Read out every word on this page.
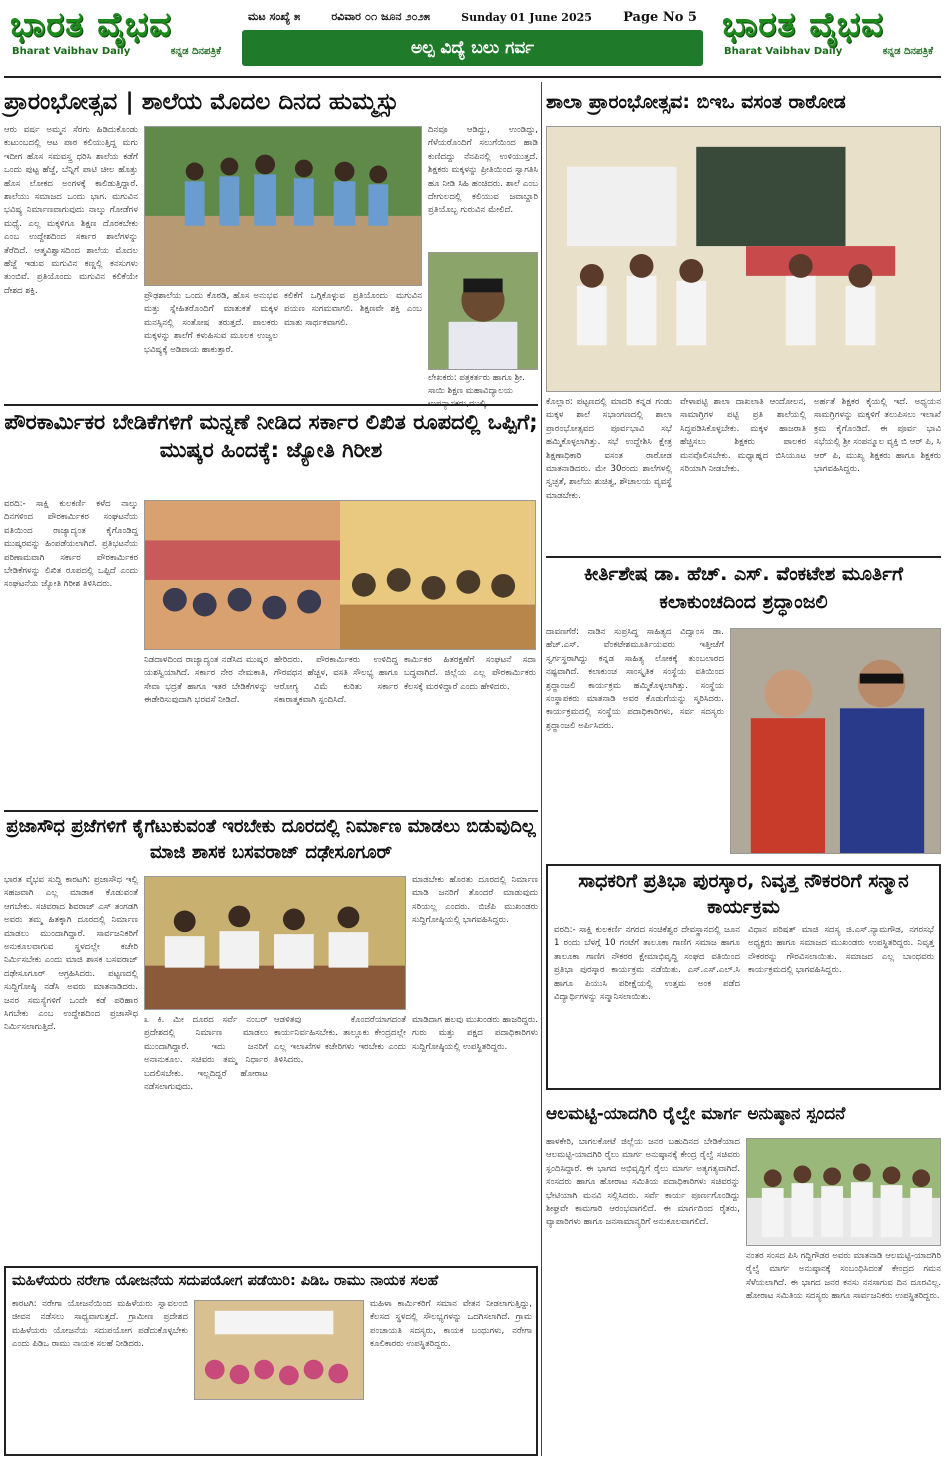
ಭಾರತ ವೈಭವ
Bharat Vaibhav Daily	ಕನ್ನಡ ದಿನಪತ್ರಿಕೆ
ಮಟ ಸಂಖ್ಯೆ ೫	ರವಿವಾರ ೦೧ ಜೂನ ೨೦೨೫	Sunday 01 June 2025 Page No 5
ಅಲ್ಪ ವಿದ್ಯೆ ಬಲು ಗರ್ವ
ಭಾರತ ವೈಭವ
Bharat Vaibhav Daily	ಕನ್ನಡ ದಿನಪತ್ರಿಕೆ
ಪ್ರಾರಂಭೋತ್ಸವ | ಶಾಲೆಯ ಮೊದಲ ದಿನದ ಹುಮ್ಮಸ್ಸು
ಆರು ವರ್ಷ ಅಮ್ಮನ ಸೆರಗು ಹಿಡಿದುಕೊಂಡು ಕುಟುಂಬದಲ್ಲಿ ಆಟ ಪಾಠ ಕಲಿಯುತ್ತಿದ್ದ ಮಗು ಇದೀಗ ಹೊಸ ಸಮವಸ್ತ್ರ ಧರಿಸಿ ಶಾಲೆಯ ಕಡೆಗೆ ಒಂದು ಪುಟ್ಟ ಹೆಜ್ಜೆ, ಬೆನ್ನಿಗೆ ಪಾಟಿ ಚೀಲ ಹೊತ್ತು ಹೊಸ ಲೋಕದ ಅಂಗಳಕ್ಕೆ ಕಾಲಿಡುತ್ತಿದ್ದಾರೆ. ಶಾಲೆಯು ಸಮಾಜದ ಒಂದು ಭಾಗ. ಮಗುವಿನ ಭವಿಷ್ಯ ನಿರ್ಮಾಣವಾಗುವುದು ನಾಲ್ಕು ಗೋಡೆಗಳ ಮಧ್ಯೆ. ಎಲ್ಲ ಮಕ್ಕಳಿಗೂ ಶಿಕ್ಷಣ ದೊರಕಬೇಕು ಎಂಬ ಉದ್ದೇಶದಿಂದ ಸರ್ಕಾರ ಶಾಲೆಗಳನ್ನು ತೆರೆದಿದೆ. ಆತ್ಮವಿಶ್ವಾಸದಿಂದ ಶಾಲೆಯ ಮೊದಲ ಹೆಜ್ಜೆ ಇಡುವ ಮಗುವಿನ ಕಣ್ಣಲ್ಲಿ ಕನಸುಗಳು ತುಂಬಿವೆ. ಪ್ರತಿಯೊಂದು ಮಗುವಿನ ಕಲಿಕೆಯೇ ದೇಶದ ಶಕ್ತಿ.
ದಿನವೂ ಆಡಿದ್ದು, ಉಂಡಿದ್ದು, ಗೆಳೆಯರೊಂದಿಗೆ ಸಲುಗೆಯಿಂದ ಹಾಡಿ ಕುಣಿದದ್ದು ನೆನಪಿನಲ್ಲಿ ಉಳಿಯುತ್ತದೆ. ಶಿಕ್ಷಕರು ಮಕ್ಕಳನ್ನು ಪ್ರೀತಿಯಿಂದ ಸ್ವಾಗತಿಸಿ ಹೂ ನೀಡಿ ಸಿಹಿ ಹಂಚಿದರು. ಶಾಲೆ ಎಂಬ ದೇಗುಲದಲ್ಲಿ ಕಲಿಯುವ ಜವಾಬ್ದಾರಿ ಪ್ರತಿಯೊಬ್ಬ ಗುರುವಿನ ಮೇಲಿದೆ.
ಪ್ರೌಢಶಾಲೆಯ ಒಂದು ಕೊಠಡಿ, ಹೊಸ ಅನುಭವ ಮತ್ತು ಸ್ನೇಹಿತರೊಂದಿಗೆ ಮಾತುಕತೆ ಮಕ್ಕಳ ಮನಸ್ಸಿನಲ್ಲಿ ಸಂತೋಷ ತರುತ್ತದೆ. ಪಾಲಕರು ಮಕ್ಕಳನ್ನು ಶಾಲೆಗೆ ಕಳುಹಿಸುವ ಮೂಲಕ ಉಜ್ವಲ ಭವಿಷ್ಯಕ್ಕೆ ಅಡಿಪಾಯ ಹಾಕುತ್ತಾರೆ.
ಕಲಿಕೆಗೆ ಒಗ್ಗಿಕೊಳ್ಳುವ ಪ್ರತಿಯೊಂದು ಮಗುವಿನ ಪಯಣ ಸುಗಮವಾಗಲಿ. ಶಿಕ್ಷಣವೇ ಶಕ್ತಿ ಎಂಬ ಮಾತು ಸಾರ್ಥಕವಾಗಲಿ.
ಲೇಖಕರು: ಪತ್ರಕರ್ತರು ಹಾಗೂ ಶ್ರೀ. ಸಾಯಿ ಶಿಕ್ಷಣ ಮಹಾವಿದ್ಯಾಲಯ
ಪೌರಕಾರ್ಮಿಕರ ಬೇಡಿಕೆಗಳಿಗೆ ಮನ್ನಣೆ ನೀಡಿದ ಸರ್ಕಾರ ಲಿಖಿತ ರೂಪದಲ್ಲಿ ಒಪ್ಪಿಗೆ; ಮುಷ್ಕರ ಹಿಂದಕ್ಕೆ: ಜ್ಯೋತಿ ಗಿರೀಶ
ವರದಿ:- ಸಾಕ್ಷಿ ಕುಲಕರ್ಣಿ ಕಳೆದ ನಾಲ್ಕು ದಿನಗಳಿಂದ ಪೌರಕಾರ್ಮಿಕರ ಸಂಘಟನೆಯ ವತಿಯಿಂದ ರಾಜ್ಯಾದ್ಯಂತ ಕೈಗೊಂಡಿದ್ದ ಮುಷ್ಕರವನ್ನು ಹಿಂಪಡೆಯಲಾಗಿದೆ. ಪ್ರತಿಭಟನೆಯ ಪರಿಣಾಮವಾಗಿ ಸರ್ಕಾರ ಪೌರಕಾರ್ಮಿಕರ ಬೇಡಿಕೆಗಳನ್ನು ಲಿಖಿತ ರೂಪದಲ್ಲಿ ಒಪ್ಪಿದೆ ಎಂದು ಸಂಘಟನೆಯ ಜ್ಯೋತಿ ಗಿರೀಶ ತಿಳಿಸಿದರು.
ನಿಡದಾಳದಿಂದ ರಾಜ್ಯಾದ್ಯಂತ ನಡೆಸಿದ ಮುಷ್ಕರ ಯಶಸ್ವಿಯಾಗಿದೆ. ಸರ್ಕಾರ ನೇರ ನೇಮಕಾತಿ, ಸೇವಾ ಭದ್ರತೆ ಹಾಗೂ ಇತರ ಬೇಡಿಕೆಗಳನ್ನು ಈಡೇರಿಸುವುದಾಗಿ ಭರವಸೆ ನೀಡಿದೆ.
ಹೇರಿದರು. ಪೌರಕಾರ್ಮಿಕರು ಉಳಿದಿದ್ದ ಗೌರವಧನ ಹೆಚ್ಚಳ, ವಸತಿ ಸೌಲಭ್ಯ ಹಾಗೂ ಆರೋಗ್ಯ ವಿಮೆ ಕುರಿತು ಸರ್ಕಾರ ಸಕಾರಾತ್ಮಕವಾಗಿ ಸ್ಪಂದಿಸಿದೆ.
ಕಾರ್ಮಿಕರ ಹಿತರಕ್ಷಣೆಗೆ ಸಂಘಟನೆ ಸದಾ ಬದ್ಧವಾಗಿದೆ. ಜಿಲ್ಲೆಯ ಎಲ್ಲ ಪೌರಕಾರ್ಮಿಕರು ಕೆಲಸಕ್ಕೆ ಮರಳಿದ್ದಾರೆ ಎಂದು ಹೇಳಿದರು.
ಪ್ರಜಾಸೌಧ ಪ್ರಜೆಗಳಿಗೆ ಕೈಗೆಟುಕುವಂತೆ ಇರಬೇಕು ದೂರದಲ್ಲಿ ನಿರ್ಮಾಣ ಮಾಡಲು ಬಿಡುವುದಿಲ್ಲ ಮಾಜಿ ಶಾಸಕ ಬಸವರಾಜ್ ದಢೇಸೂಗೂರ್
ಭಾರತ ವೈಭವ ಸುದ್ದಿ ಕಾರಟಗಿ: ಪ್ರಜಾಸೌಧ ಇಲ್ಲಿ ಸಹಜವಾಗಿ ಎಲ್ಲ ಮಾಡಾಕ ಕೊಡುವಂತೆ ಆಗಬೇಕು. ಸಚಿವರಾದ ಶಿವರಾಜ್ ಎಸ್ ತಂಗಡಗಿ ಅವರು ತಮ್ಮ ಹಿತಕ್ಕಾಗಿ ದೂರದಲ್ಲಿ ನಿರ್ಮಾಣ ಮಾಡಲು ಮುಂದಾಗಿದ್ದಾರೆ. ಸಾರ್ವಜನಿಕರಿಗೆ ಅನುಕೂಲವಾಗುವ ಸ್ಥಳದಲ್ಲೇ ಕಚೇರಿ ನಿರ್ಮಿಸಬೇಕು ಎಂದು ಮಾಜಿ ಶಾಸಕ ಬಸವರಾಜ್ ದಢೇಸೂಗೂರ್ ಆಗ್ರಹಿಸಿದರು. ಪಟ್ಟಣದಲ್ಲಿ ಸುದ್ದಿಗೋಷ್ಠಿ ನಡೆಸಿ ಅವರು ಮಾತನಾಡಿದರು. ಜನರ ಸಮಸ್ಯೆಗಳಿಗೆ ಒಂದೇ ಕಡೆ ಪರಿಹಾರ ಸಿಗಬೇಕು ಎಂಬ ಉದ್ದೇಶದಿಂದ ಪ್ರಜಾಸೌಧ ನಿರ್ಮಿಸಲಾಗುತ್ತಿದೆ.
ಮಾಡಬೇಕು ಹೊರತು ದೂರದಲ್ಲಿ ನಿರ್ಮಾಣ ಮಾಡಿ ಜನರಿಗೆ ತೊಂದರೆ ಮಾಡುವುದು ಸರಿಯಲ್ಲ ಎಂದರು. ಬಿಜೆಪಿ ಮುಖಂಡರು ಸುದ್ದಿಗೋಷ್ಠಿಯಲ್ಲಿ ಭಾಗವಹಿಸಿದ್ದರು.
೩ ಕಿ. ಮೀ ದೂರದ ಸರ್ವೆ ನಂಬರ್ ಪ್ರದೇಶದಲ್ಲಿ ನಿರ್ಮಾಣ ಮಾಡಲು ಮುಂದಾಗಿದ್ದಾರೆ. ಇದು ಜನರಿಗೆ ಅನಾನುಕೂಲ. ಸಚಿವರು ತಮ್ಮ ನಿರ್ಧಾರ ಬದಲಿಸಬೇಕು. ಇಲ್ಲದಿದ್ದರೆ ಹೋರಾಟ ನಡೆಸಲಾಗುವುದು.
ಆಡಳಿತವು ಕೊಂದರೆಯಾಗದಂತೆ ಕಾರ್ಯನಿರ್ವಹಿಸಬೇಕು. ತಾಲ್ಲೂಕು ಕೇಂದ್ರದಲ್ಲೇ ಎಲ್ಲ ಇಲಾಖೆಗಳ ಕಚೇರಿಗಳು ಇರಬೇಕು ಎಂದು ತಿಳಿಸಿದರು.
ಮಾಡಿದಾಗ ಹಲವು ಮುಖಂಡರು ಹಾಜರಿದ್ದರು. ಗುರು ಮತ್ತು ಪಕ್ಷದ ಪದಾಧಿಕಾರಿಗಳು ಸುದ್ದಿಗೋಷ್ಠಿಯಲ್ಲಿ ಉಪಸ್ಥಿತರಿದ್ದರು.
ಮಹಿಳೆಯರು ನರೇಗಾ ಯೋಜನೆಯ ಸದುಪಯೋಗ ಪಡೆಯಿರಿ: ಪಿಡಿಒ ರಾಮು ನಾಯಕ ಸಲಹೆ
ಕಾರಟಗಿ: ನರೇಗಾ ಯೋಜನೆಯಿಂದ ಮಹಿಳೆಯರು ಸ್ವಾವಲಂಬಿ ಜೀವನ ನಡೆಸಲು ಸಾಧ್ಯವಾಗುತ್ತದೆ. ಗ್ರಾಮೀಣ ಪ್ರದೇಶದ ಮಹಿಳೆಯರು ಯೋಜನೆಯ ಸದುಪಯೋಗ ಪಡೆದುಕೊಳ್ಳಬೇಕು ಎಂದು ಪಿಡಿಒ ರಾಮು ನಾಯಕ ಸಲಹೆ ನೀಡಿದರು.
ಮಹಿಳಾ ಕಾರ್ಮಿಕರಿಗೆ ಸಮಾನ ವೇತನ ನೀಡಲಾಗುತ್ತಿದ್ದು, ಕೆಲಸದ ಸ್ಥಳದಲ್ಲಿ ಸೌಲಭ್ಯಗಳನ್ನು ಒದಗಿಸಲಾಗಿದೆ. ಗ್ರಾಮ ಪಂಚಾಯತಿ ಸದಸ್ಯರು, ಕಾಯಕ ಬಂಧುಗಳು, ನರೇಗಾ ಕೂಲಿಕಾರರು ಉಪಸ್ಥಿತರಿದ್ದರು.
ಶಾಲಾ ಪ್ರಾರಂಭೋತ್ಸವ: ಬಿಇಒ ವಸಂತ ರಾಠೋಡ
ಕೊಲ್ಲಾರ: ಪಟ್ಟಣದಲ್ಲಿ ಮಾದರಿ ಕನ್ನಡ ಗಂಡು ಮಕ್ಕಳ ಶಾಲೆ ಸಭಾಂಗಣದಲ್ಲಿ ಶಾಲಾ ಪ್ರಾರಂಭೋತ್ಸವದ ಪೂರ್ವಭಾವಿ ಸಭೆ ಹಮ್ಮಿಕೊಳ್ಳಲಾಗಿತ್ತು. ಸಭೆ ಉದ್ದೇಶಿಸಿ ಕ್ಷೇತ್ರ ಶಿಕ್ಷಣಾಧಿಕಾರಿ ವಸಂತ ರಾಠೋಡ ಮಾತನಾಡಿದರು. ಮೇ 30ರಂದು ಶಾಲೆಗಳಲ್ಲಿ ಸ್ವಚ್ಛತೆ, ಶಾಲೆಯ ಶುಚಿತ್ವ, ಶೌಚಾಲಯ ವ್ಯವಸ್ಥೆ ಮಾಡಬೇಕು.
ವೇಳಾಪಟ್ಟಿ ಶಾಲಾ ದಾಖಲಾತಿ ಆಂದೋಲನ, ಸಾಮಾಗ್ರಿಗಳ ಪಟ್ಟಿ ಪ್ರತಿ ಶಾಲೆಯಲ್ಲಿ ಸಿದ್ಧಪಡಿಸಿಕೊಳ್ಳಬೇಕು. ಮಕ್ಕಳ ಹಾಜರಾತಿ ಹೆಚ್ಚಿಸಲು ಶಿಕ್ಷಕರು ಪಾಲಕರ ಮನವೊಲಿಸಬೇಕು. ಮಧ್ಯಾಹ್ನದ ಬಿಸಿಯೂಟ ಸರಿಯಾಗಿ ನೀಡಬೇಕು.
ಅರ್ಹತೆ ಶಿಕ್ಷಕರ ಕೈಯಲ್ಲಿ ಇದೆ. ಅಧ್ಯಯನ ಸಾಮಗ್ರಿಗಳನ್ನು ಮಕ್ಕಳಿಗೆ ತಲುಪಿಸಲು ಇಲಾಖೆ ಕ್ರಮ ಕೈಗೊಂಡಿದೆ. ಈ ಪೂರ್ವ ಭಾವಿ ಸಭೆಯಲ್ಲಿ ಶ್ರೀ ಸಂಪನ್ಮೂಲ ವ್ಯಕ್ತಿ ಬಿ ಆರ್ ಪಿ, ಸಿ ಆರ್ ಪಿ, ಮುಖ್ಯ ಶಿಕ್ಷಕರು ಹಾಗೂ ಶಿಕ್ಷಕರು ಭಾಗವಹಿಸಿದ್ದರು.
ಕೀರ್ತಿಶೇಷ ಡಾ. ಹೆಚ್. ಎಸ್. ವೆಂಕಟೇಶ ಮೂರ್ತಿಗೆ ಕಲಾಕುಂಚದಿಂದ ಶ್ರದ್ಧಾಂಜಲಿ
ದಾವಣಗೆರೆ: ನಾಡಿನ ಸುಪ್ರಸಿದ್ಧ ಸಾಹಿತ್ಯದ ವಿದ್ವಾಂಸ ಡಾ. ಹೆಚ್.ಎಸ್. ವೆಂಕಟೇಶಮೂರ್ತಿಯವರು ಇತ್ತೀಚೆಗೆ ಸ್ವರ್ಗಸ್ಥರಾಗಿದ್ದು ಕನ್ನಡ ಸಾಹಿತ್ಯ ಲೋಕಕ್ಕೆ ತುಂಬಲಾರದ ನಷ್ಟವಾಗಿದೆ. ಕಲಾಕುಂಚ ಸಾಂಸ್ಕೃತಿಕ ಸಂಸ್ಥೆಯ ವತಿಯಿಂದ ಶ್ರದ್ಧಾಂಜಲಿ ಕಾರ್ಯಕ್ರಮ ಹಮ್ಮಿಕೊಳ್ಳಲಾಗಿತ್ತು. ಸಂಸ್ಥೆಯ ಸಂಸ್ಥಾಪಕರು ಮಾತನಾಡಿ ಅವರ ಕೊಡುಗೆಯನ್ನು ಸ್ಮರಿಸಿದರು. ಕಾರ್ಯಕ್ರಮದಲ್ಲಿ ಸಂಸ್ಥೆಯ ಪದಾಧಿಕಾರಿಗಳು, ಸರ್ವ ಸದಸ್ಯರು ಶ್ರದ್ಧಾಂಜಲಿ ಅರ್ಪಿಸಿದರು.
ಸಾಧಕರಿಗೆ ಪ್ರತಿಭಾ ಪುರಸ್ಕಾರ, ನಿವೃತ್ತ ನೌಕರರಿಗೆ ಸನ್ಮಾನ ಕಾರ್ಯಕ್ರಮ
ವರದಿ:- ಸಾಕ್ಷಿ ಕುಲಕರ್ಣಿ ನಗರದ ಸಂಚಿಕೆಶ್ವರ ದೇವಸ್ಥಾನದಲ್ಲಿ ಜೂನ 1 ರಂದು ಬೆಳಗ್ಗೆ 10 ಗಂಟೆಗೆ ತಾಲೂಕಾ ಗಾಣಿಗ ಸಮಾಜ ಹಾಗೂ ತಾಲೂಕಾ ಗಾಣಿಗ ನೌಕರರ ಕ್ಷೇಮಾಭಿವೃದ್ಧಿ ಸಂಘದ ವತಿಯಿಂದ ಪ್ರತಿಭಾ ಪುರಸ್ಕಾರ ಕಾರ್ಯಕ್ರಮ ನಡೆಯಿತು. ಎಸ್.ಎಸ್.ಎಲ್.ಸಿ ಹಾಗೂ ಪಿಯುಸಿ ಪರೀಕ್ಷೆಯಲ್ಲಿ ಉತ್ತಮ ಅಂಕ ಪಡೆದ ವಿದ್ಯಾರ್ಥಿಗಳನ್ನು ಸನ್ಮಾನಿಸಲಾಯಿತು.
ವಿಧಾನ ಪರಿಷತ್ ಮಾಜಿ ಸದಸ್ಯ ಜಿ.ಎಸ್.ನ್ಯಾಮಗೌಡ, ನಗರಸಭೆ ಅಧ್ಯಕ್ಷರು ಹಾಗೂ ಸಮಾಜದ ಮುಖಂಡರು ಉಪಸ್ಥಿತರಿದ್ದರು. ನಿವೃತ್ತ ನೌಕರರನ್ನು ಗೌರವಿಸಲಾಯಿತು. ಸಮಾಜದ ಎಲ್ಲ ಬಾಂಧವರು ಕಾರ್ಯಕ್ರಮದಲ್ಲಿ ಭಾಗವಹಿಸಿದ್ದರು.
ಆಲಮಟ್ಟಿ-ಯಾದಗಿರಿ ರೈಲ್ವೇ ಮಾರ್ಗ ಅನುಷ್ಠಾನ ಸ್ಪಂದನೆ
ಹಾಳಕೇರಿ, ಬಾಗಲಕೋಟೆ ಜಿಲ್ಲೆಯ ಜನರ ಬಹುದಿನದ ಬೇಡಿಕೆಯಾದ ಆಲಮಟ್ಟಿ-ಯಾದಗಿರಿ ರೈಲು ಮಾರ್ಗ ಅನುಷ್ಠಾನಕ್ಕೆ ಕೇಂದ್ರ ರೈಲ್ವೆ ಸಚಿವರು ಸ್ಪಂದಿಸಿದ್ದಾರೆ. ಈ ಭಾಗದ ಅಭಿವೃದ್ಧಿಗೆ ರೈಲು ಮಾರ್ಗ ಅತ್ಯಗತ್ಯವಾಗಿದೆ. ಸಂಸದರು ಹಾಗೂ ಹೋರಾಟ ಸಮಿತಿಯ ಪದಾಧಿಕಾರಿಗಳು ಸಚಿವರನ್ನು ಭೇಟಿಯಾಗಿ ಮನವಿ ಸಲ್ಲಿಸಿದರು. ಸರ್ವೆ ಕಾರ್ಯ ಪೂರ್ಣಗೊಂಡಿದ್ದು ಶೀಘ್ರವೇ ಕಾಮಗಾರಿ ಆರಂಭವಾಗಲಿದೆ. ಈ ಮಾರ್ಗದಿಂದ ರೈತರು, ವ್ಯಾಪಾರಿಗಳು ಹಾಗೂ ಜನಸಾಮಾನ್ಯರಿಗೆ ಅನುಕೂಲವಾಗಲಿದೆ.
ನಂತರ ಸಂಸದ ಪಿಸಿ ಗದ್ದಿಗೌಡರ ಅವರು ಮಾತನಾಡಿ ಆಲಮಟ್ಟಿ-ಯಾದಗಿರಿ ರೈಲ್ವೆ ಮಾರ್ಗ ಅನುಷ್ಠಾನಕ್ಕೆ ಸಂಬಂಧಿಸಿದಂತೆ ಕೇಂದ್ರದ ಗಮನ ಸೆಳೆಯಲಾಗಿದೆ. ಈ ಭಾಗದ ಜನರ ಕನಸು ನನಸಾಗುವ ದಿನ ದೂರವಿಲ್ಲ. ಹೋರಾಟ ಸಮಿತಿಯ ಸದಸ್ಯರು ಹಾಗೂ ಸಾರ್ವಜನಿಕರು ಉಪಸ್ಥಿತರಿದ್ದರು.
